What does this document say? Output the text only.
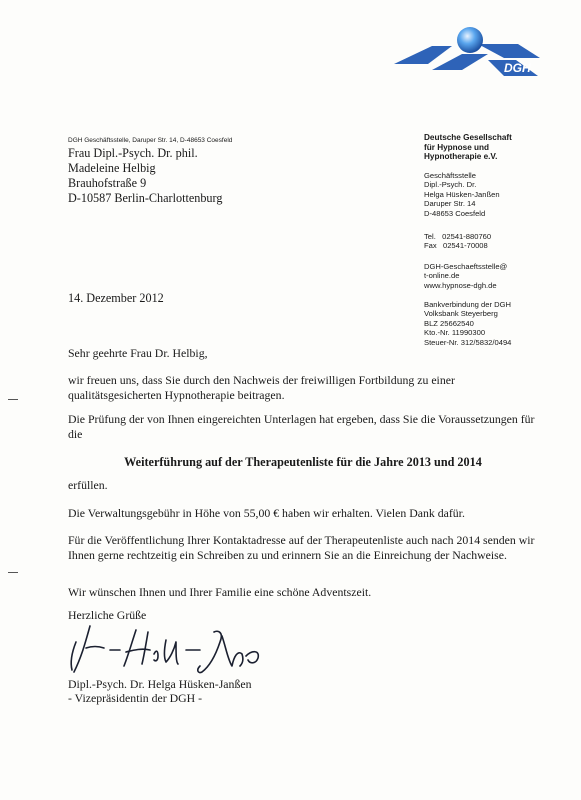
DGH
DGH Geschäftsstelle, Daruper Str. 14, D-48653 Coesfeld
Frau Dipl.-Psych. Dr. phil.
Madeleine Helbig
Brauhofstraße 9
D-10587 Berlin-Charlottenburg
Deutsche Gesellschaft
für Hypnose und
Hypnotherapie e.V.
Geschäftsstelle
Dipl.-Psych. Dr.
Helga Hüsken-Janßen
Daruper Str. 14
D-48653 Coesfeld
Tel.   02541-880760
Fax   02541-70008
DGH-Geschaeftsstelle@
t-online.de
www.hypnose-dgh.de
Bankverbindung der DGH
Volksbank Steyerberg
BLZ 25662540
Kto.-Nr. 11990300
Steuer-Nr. 312/5832/0494
14. Dezember 2012
Sehr geehrte Frau Dr. Helbig,
wir freuen uns, dass Sie durch den Nachweis der freiwilligen Fortbildung zu einer qualitätsgesicherten Hypnotherapie beitragen.
Die Prüfung der von Ihnen eingereichten Unterlagen hat ergeben, dass Sie die Voraussetzungen für die
Weiterführung auf der Therapeutenliste für die Jahre 2013 und 2014
erfüllen.
Die Verwaltungsgebühr in Höhe von 55,00 € haben wir erhalten. Vielen Dank dafür.
Für die Veröffentlichung Ihrer Kontaktadresse auf der Therapeutenliste auch nach 2014 senden wir Ihnen gerne rechtzeitig ein Schreiben zu und erinnern Sie an die Einreichung der Nachweise.
Wir wünschen Ihnen und Ihrer Familie eine schöne Adventszeit.
Herzliche Grüße
Dipl.-Psych. Dr. Helga Hüsken-Janßen
- Vizepräsidentin der DGH -
